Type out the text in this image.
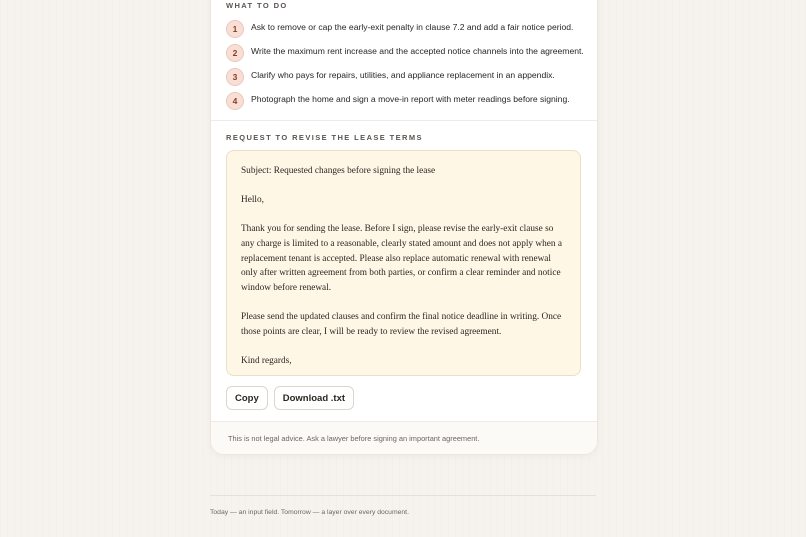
WHAT TO DO
1	Ask to remove or cap the early-exit penalty in clause 7.2 and add a fair notice period.
2	Write the maximum rent increase and the accepted notice channels into the agreement.
3	Clarify who pays for repairs, utilities, and appliance replacement in an appendix.
4	Photograph the home and sign a move-in report with meter readings before signing.
REQUEST TO REVISE THE LEASE TERMS

Subject: Requested changes before signing the lease

Hello,

Thank you for sending the lease. Before I sign, please revise the early-exit clause so any charge is limited to a reasonable, clearly stated amount and does not apply when a replacement tenant is accepted. Please also replace automatic renewal with renewal only after written agreement from both parties, or confirm a clear reminder and notice window before renewal.

Please send the updated clauses and confirm the final notice deadline in writing. Once those points are clear, I will be ready to review the revised agreement.

Kind regards,

Copy	Download .txt
This is not legal advice. Ask a lawyer before signing an important agreement.
Today — an input field. Tomorrow — a layer over every document.
